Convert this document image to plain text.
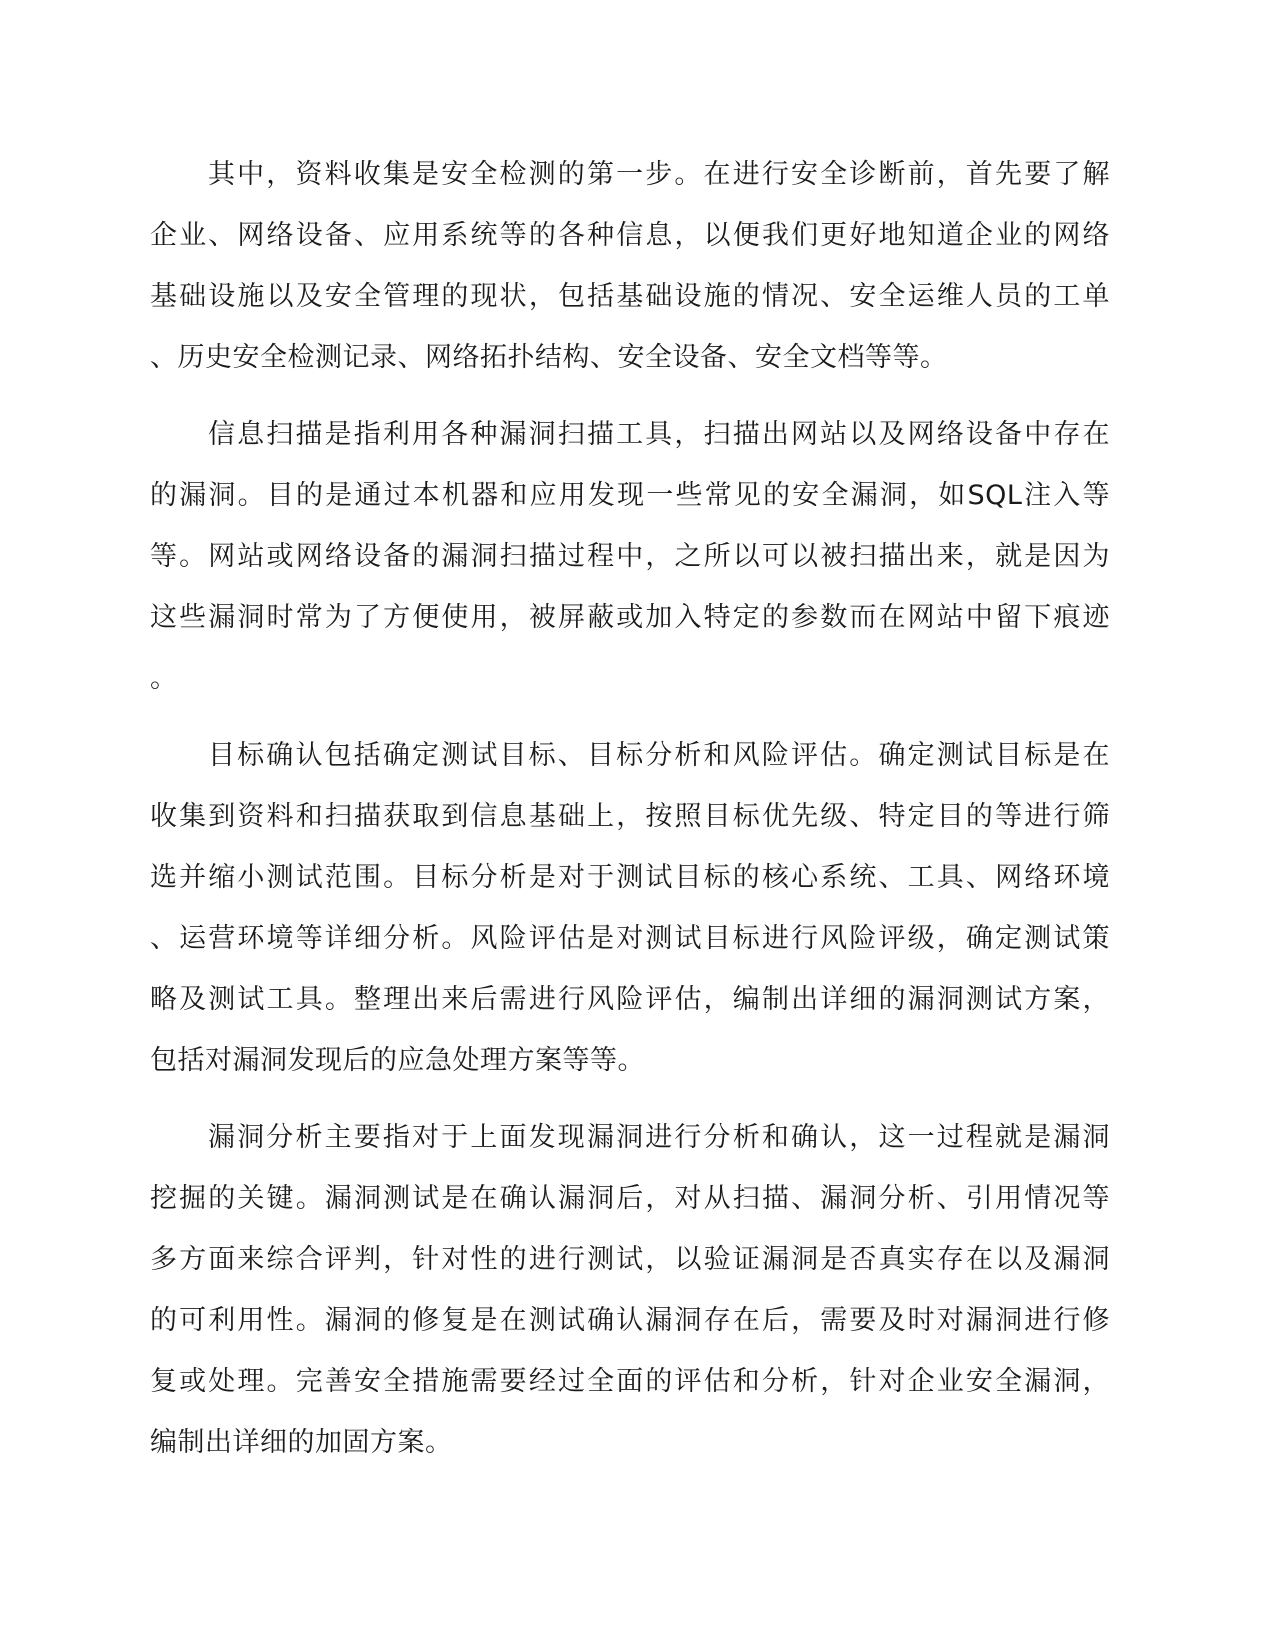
其中，资料收集是安全检测的第一步。在进行安全诊断前，首先要了解
企业、网络设备、应用系统等的各种信息，以便我们更好地知道企业的网络
基础设施以及安全管理的现状，包括基础设施的情况、安全运维人员的工单
、历史安全检测记录、网络拓扑结构、安全设备、安全文档等等。
信息扫描是指利用各种漏洞扫描工具，扫描出网站以及网络设备中存在
的漏洞。目的是通过本机器和应用发现一些常见的安全漏洞，如SQL注入等
等。网站或网络设备的漏洞扫描过程中，之所以可以被扫描出来，就是因为
这些漏洞时常为了方便使用，被屏蔽或加入特定的参数而在网站中留下痕迹
。
目标确认包括确定测试目标、目标分析和风险评估。确定测试目标是在
收集到资料和扫描获取到信息基础上，按照目标优先级、特定目的等进行筛
选并缩小测试范围。目标分析是对于测试目标的核心系统、工具、网络环境
、运营环境等详细分析。风险评估是对测试目标进行风险评级，确定测试策
略及测试工具。整理出来后需进行风险评估，编制出详细的漏洞测试方案，
包括对漏洞发现后的应急处理方案等等。
漏洞分析主要指对于上面发现漏洞进行分析和确认，这一过程就是漏洞
挖掘的关键。漏洞测试是在确认漏洞后，对从扫描、漏洞分析、引用情况等
多方面来综合评判，针对性的进行测试，以验证漏洞是否真实存在以及漏洞
的可利用性。漏洞的修复是在测试确认漏洞存在后，需要及时对漏洞进行修
复或处理。完善安全措施需要经过全面的评估和分析，针对企业安全漏洞，
编制出详细的加固方案。
